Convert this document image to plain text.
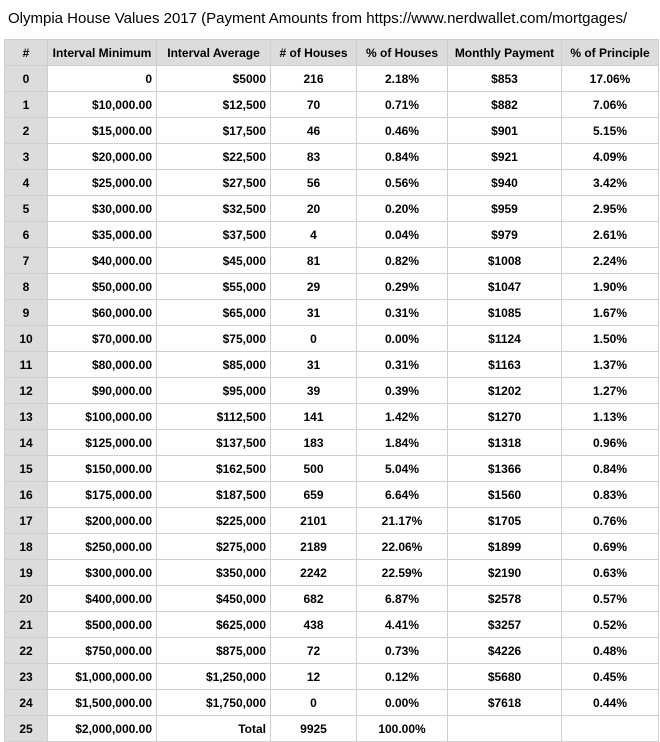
Olympia House Values 2017 (Payment Amounts from https://www.nerdwallet.com/mortgages/
#	Interval Minimum	Interval Average	# of Houses	% of Houses	Monthly Payment	% of Principle
0	0	$5000	216	2.18%	$853	17.06%
1	$10,000.00	$12,500	70	0.71%	$882	7.06%
2	$15,000.00	$17,500	46	0.46%	$901	5.15%
3	$20,000.00	$22,500	83	0.84%	$921	4.09%
4	$25,000.00	$27,500	56	0.56%	$940	3.42%
5	$30,000.00	$32,500	20	0.20%	$959	2.95%
6	$35,000.00	$37,500	4	0.04%	$979	2.61%
7	$40,000.00	$45,000	81	0.82%	$1008	2.24%
8	$50,000.00	$55,000	29	0.29%	$1047	1.90%
9	$60,000.00	$65,000	31	0.31%	$1085	1.67%
10	$70,000.00	$75,000	0	0.00%	$1124	1.50%
11	$80,000.00	$85,000	31	0.31%	$1163	1.37%
12	$90,000.00	$95,000	39	0.39%	$1202	1.27%
13	$100,000.00	$112,500	141	1.42%	$1270	1.13%
14	$125,000.00	$137,500	183	1.84%	$1318	0.96%
15	$150,000.00	$162,500	500	5.04%	$1366	0.84%
16	$175,000.00	$187,500	659	6.64%	$1560	0.83%
17	$200,000.00	$225,000	2101	21.17%	$1705	0.76%
18	$250,000.00	$275,000	2189	22.06%	$1899	0.69%
19	$300,000.00	$350,000	2242	22.59%	$2190	0.63%
20	$400,000.00	$450,000	682	6.87%	$2578	0.57%
21	$500,000.00	$625,000	438	4.41%	$3257	0.52%
22	$750,000.00	$875,000	72	0.73%	$4226	0.48%
23	$1,000,000.00	$1,250,000	12	0.12%	$5680	0.45%
24	$1,500,000.00	$1,750,000	0	0.00%	$7618	0.44%
25	$2,000,000.00	Total	9925	100.00%		
